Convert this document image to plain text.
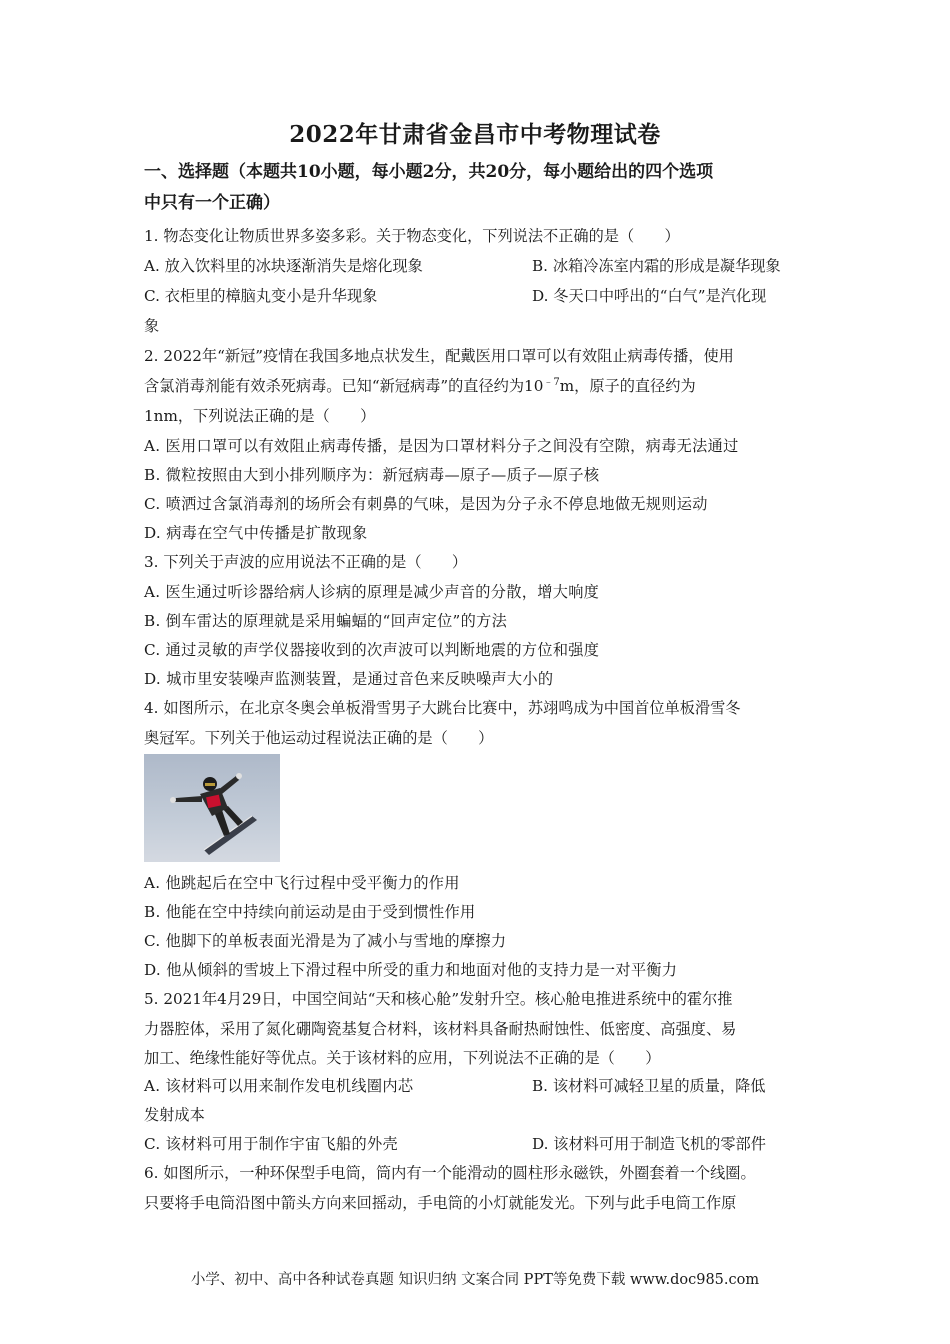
2022年甘肃省金昌市中考物理试卷
一、选择题（本题共10小题，每小题2分，共20分，每小题给出的四个选项
中只有一个正确）
1. 物态变化让物质世界多姿多彩。关于物态变化，下列说法不正确的是（　　）
A. 放入饮料里的冰块逐渐消失是熔化现象	B. 冰箱冷冻室内霜的形成是凝华现象
C. 衣柜里的樟脑丸变小是升华现象	D. 冬天口中呼出的“白气”是汽化现
象
2. 2022年“新冠”疫情在我国多地点状发生，配戴医用口罩可以有效阻止病毒传播，使用
含氯消毒剂能有效杀死病毒。已知“新冠病毒”的直径约为$10^{﹣7}m$，原子的直径约为
1nm，下列说法正确的是（　　）
A. 医用口罩可以有效阻止病毒传播，是因为口罩材料分子之间没有空隙，病毒无法通过
B. 微粒按照由大到小排列顺序为：新冠病毒—原子—质子—原子核
C. 喷洒过含氯消毒剂的场所会有刺鼻的气味，是因为分子永不停息地做无规则运动
D. 病毒在空气中传播是扩散现象
3. 下列关于声波的应用说法不正确的是（　　）
A. 医生通过听诊器给病人诊病的原理是减少声音的分散，增大响度
B. 倒车雷达的原理就是采用蝙蝠的“回声定位”的方法
C. 通过灵敏的声学仪器接收到的次声波可以判断地震的方位和强度
D. 城市里安装噪声监测装置，是通过音色来反映噪声大小的
4. 如图所示，在北京冬奥会单板滑雪男子大跳台比赛中，苏翊鸣成为中国首位单板滑雪冬
奥冠军。下列关于他运动过程说法正确的是（　　）
A. 他跳起后在空中飞行过程中受平衡力的作用
B. 他能在空中持续向前运动是由于受到惯性作用
C. 他脚下的单板表面光滑是为了减小与雪地的摩擦力
D. 他从倾斜的雪坡上下滑过程中所受的重力和地面对他的支持力是一对平衡力
5. 2021年4月29日，中国空间站“天和核心舱”发射升空。核心舱电推进系统中的霍尔推
力器腔体，采用了氮化硼陶瓷基复合材料，该材料具备耐热耐蚀性、低密度、高强度、易
加工、绝缘性能好等优点。关于该材料的应用，下列说法不正确的是（　　）
A. 该材料可以用来制作发电机线圈内芯	B. 该材料可减轻卫星的质量，降低
发射成本
C. 该材料可用于制作宇宙飞船的外壳	D. 该材料可用于制造飞机的零部件
6. 如图所示，一种环保型手电筒，筒内有一个能滑动的圆柱形永磁铁，外圈套着一个线圈。
只要将手电筒沿图中箭头方向来回摇动，手电筒的小灯就能发光。下列与此手电筒工作原
小学、初中、高中各种试卷真题 知识归纳 文案合同 PPT等免费下载 www.doc985.com
